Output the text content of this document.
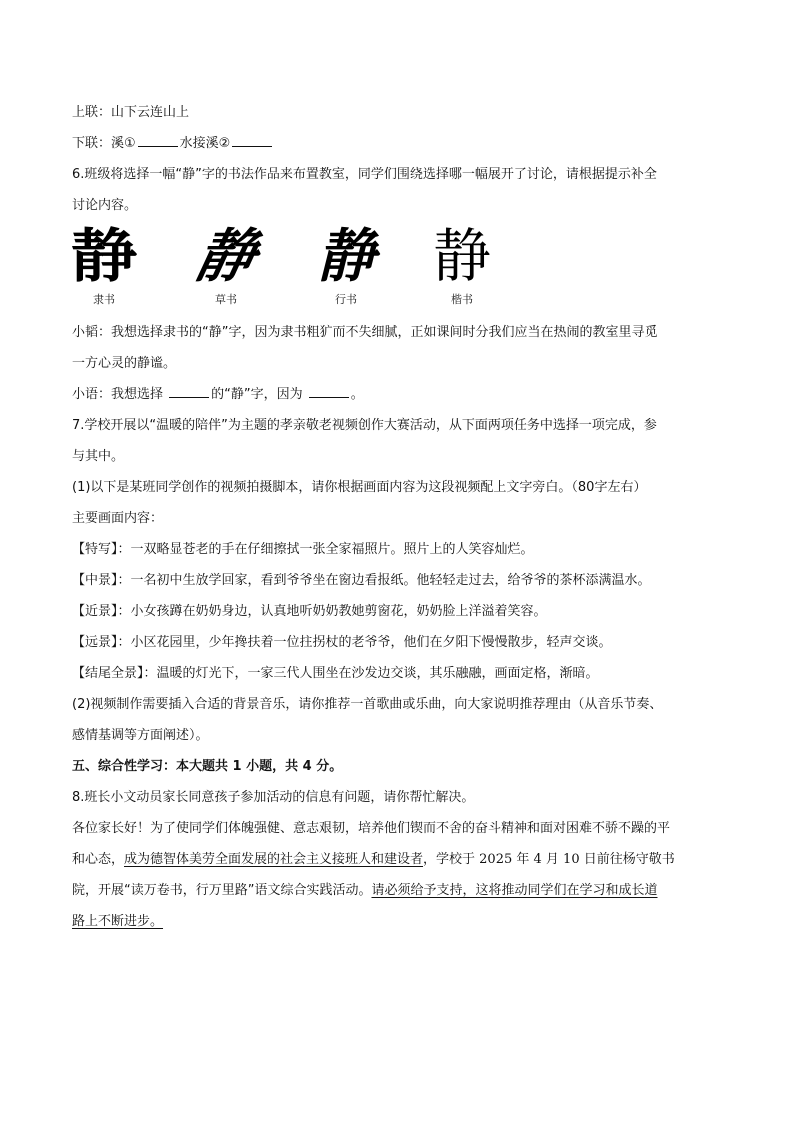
上联：山下云连山上

下联：溪①	水接溪②

6.班级将选择一幅“静”字的书法作品来布置教室，同学们围绕选择哪一幅展开了讨论，请根据提示补全

讨论内容。

静
隶书
静
草书
静
行书
静
楷书

小韬：我想选择隶书的“静”字，因为隶书粗犷而不失细腻，正如课间时分我们应当在热闹的教室里寻觅

一方心灵的静谧。

小语：我想选择	的“静”字，因为	。

7.学校开展以“温暖的陪伴”为主题的孝亲敬老视频创作大赛活动，从下面两项任务中选择一项完成，参

与其中。

(1)以下是某班同学创作的视频拍摄脚本，请你根据画面内容为这段视频配上文字旁白。（80字左右）

主要画面内容：

【特写】：一双略显苍老的手在仔细擦拭一张全家福照片。照片上的人笑容灿烂。

【中景】：一名初中生放学回家，看到爷爷坐在窗边看报纸。他轻轻走过去，给爷爷的茶杯添满温水。

【近景】：小女孩蹲在奶奶身边，认真地听奶奶教她剪窗花，奶奶脸上洋溢着笑容。

【远景】：小区花园里，少年搀扶着一位拄拐杖的老爷爷，他们在夕阳下慢慢散步，轻声交谈。

【结尾全景】：温暖的灯光下，一家三代人围坐在沙发边交谈，其乐融融，画面定格，渐暗。

(2)视频制作需要插入合适的背景音乐，请你推荐一首歌曲或乐曲，向大家说明推荐理由（从音乐节奏、

感情基调等方面阐述）。

五、综合性学习：本大题共 1 小题，共 4 分。

8.班长小文动员家长同意孩子参加活动的信息有问题，请你帮忙解决。

各位家长好！为了使同学们体魄强健、意志艰韧，培养他们锲而不舍的奋斗精神和面对困难不骄不躁的平

和心态，成为德智体美劳全面发展的社会主义接班人和建设者，学校于 2025 年 4 月 10 日前往杨守敬书

院，开展“读万卷书，行万里路”语文综合实践活动。请必须给予支持，这将推动同学们在学习和成长道

路上不断进步。
